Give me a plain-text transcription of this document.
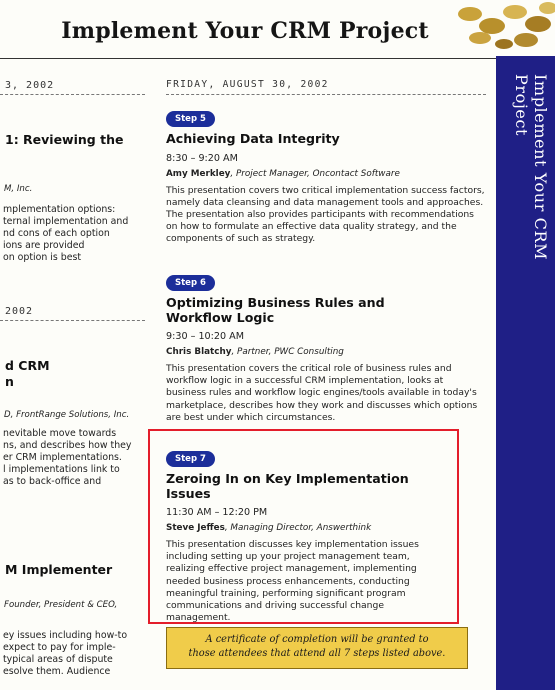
Implement Your CRM Project
Implement Your CRM Project
3, 2002
1: Reviewing the
M, Inc.
mplementation options:
ternal implementation and
nd cons of each option
ions are provided
on option is best
2002
d CRM
n
D, FrontRange Solutions, Inc.
nevitable move towards
ns, and describes how they
er CRM implementations.
l implementations link to
as to back-office and
M Implementer
Founder, President & CEO,
ey issues including how-to
expect to pay for imple-
typical areas of dispute
esolve them. Audience
FRIDAY, AUGUST 30, 2002
Step 5
Achieving Data Integrity
8:30 – 9:20 AM
Amy Merkley, Project Manager, Oncontact Software
This presentation covers two critical implementation success factors, namely data cleansing and data management tools and approaches. The presentation also provides participants with recommendations on how to formulate an effective data quality strategy, and the components of such as strategy.
Step 6
Optimizing Business Rules and Workflow Logic
9:30 – 10:20 AM
Chris Blatchy, Partner, PWC Consulting
This presentation covers the critical role of business rules and workflow logic in a successful CRM implementation, looks at business rules and workflow logic engines/tools available in today's marketplace, describes how they work and discusses which options are best under which circumstances.
Step 7
Zeroing In on Key Implementation Issues
11:30 AM – 12:20 PM
Steve Jeffes, Managing Director, Answerthink
This presentation discusses key implementation issues including setting up your project management team, realizing effective project management, implementing needed business process enhancements, conducting meaningful training, performing significant program communications and driving successful change management.
A certificate of completion will be granted to
those attendees that attend all 7 steps listed above.
